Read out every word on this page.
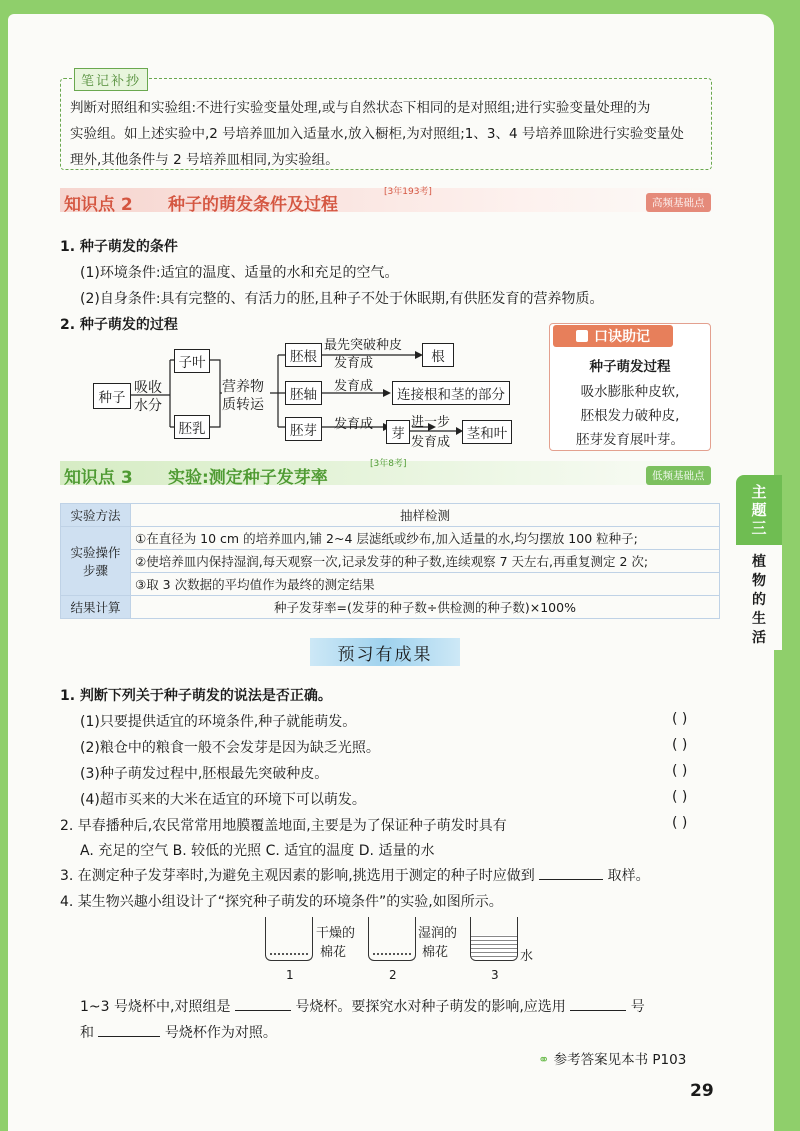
主
题
三
植
物
的
生
活
笔记补抄
判断对照组和实验组:不进行实验变量处理,或与自然状态下相同的是对照组;进行实验变量处理的为
实验组。如上述实验中,2 号培养皿加入适量水,放入橱柜,为对照组;1、3、4 号培养皿除进行实验变量处
理外,其他条件与 2 号培养皿相同,为实验组。
知识点 2 种子的萌发条件及过程
[3年193考]
高频基础点
1. 种子萌发的条件
(1)环境条件:适宜的温度、适量的水和充足的空气。
(2)自身条件:具有完整的、有活力的胚,且种子不处于休眠期,有供胚发育的营养物质。
2. 种子萌发的过程
种子
吸收
水分
子叶
胚乳
营养物
质转运
胚根
胚轴
胚芽
最先突破种皮
发育成	根
发育成
连接根和茎的部分
发育成
芽
进一步
发育成
茎和叶
口诀助记
种子萌发过程
吸水膨胀种皮软,
胚根发力破种皮,
胚芽发育展叶芽。
知识点 3 实验:测定种子发芽率
[3年8考]
低频基础点
实验方法	抽样检测
实验操作步骤	①在直径为 10 cm 的培养皿内,铺 2~4 层滤纸或纱布,加入适量的水,均匀摆放 100 粒种子;
	②使培养皿内保持湿润,每天观察一次,记录发芽的种子数,连续观察 7 天左右,再重复测定 2 次;
	③取 3 次数据的平均值作为最终的测定结果
结果计算	种子发芽率=(发芽的种子数÷供检测的种子数)×100%
预习有成果
1. 判断下列关于种子萌发的说法是否正确。
(1)只要提供适宜的环境条件,种子就能萌发。	( )
(2)粮仓中的粮食一般不会发芽是因为缺乏光照。	( )
(3)种子萌发过程中,胚根最先突破种皮。	( )
(4)超市买来的大米在适宜的环境下可以萌发。	( )
2. 早春播种后,农民常常用地膜覆盖地面,主要是为了保证种子萌发时具有	( )
A. 充足的空气 B. 较低的光照 C. 适宜的温度 D. 适量的水
3. 在测定种子发芽率时,为避免主观因素的影响,挑选用于测定的种子时应做到	取样。
4. 某生物兴趣小组设计了“探究种子萌发的环境条件”的实验,如图所示。
干燥的
棉花
1
湿润的
棉花
2
水
3
1~3 号烧杯中,对照组是	号烧杯。要探究水对种子萌发的影响,应选用	号
和	号烧杯作为对照。
⚭ 参考答案见本书 P103
29
